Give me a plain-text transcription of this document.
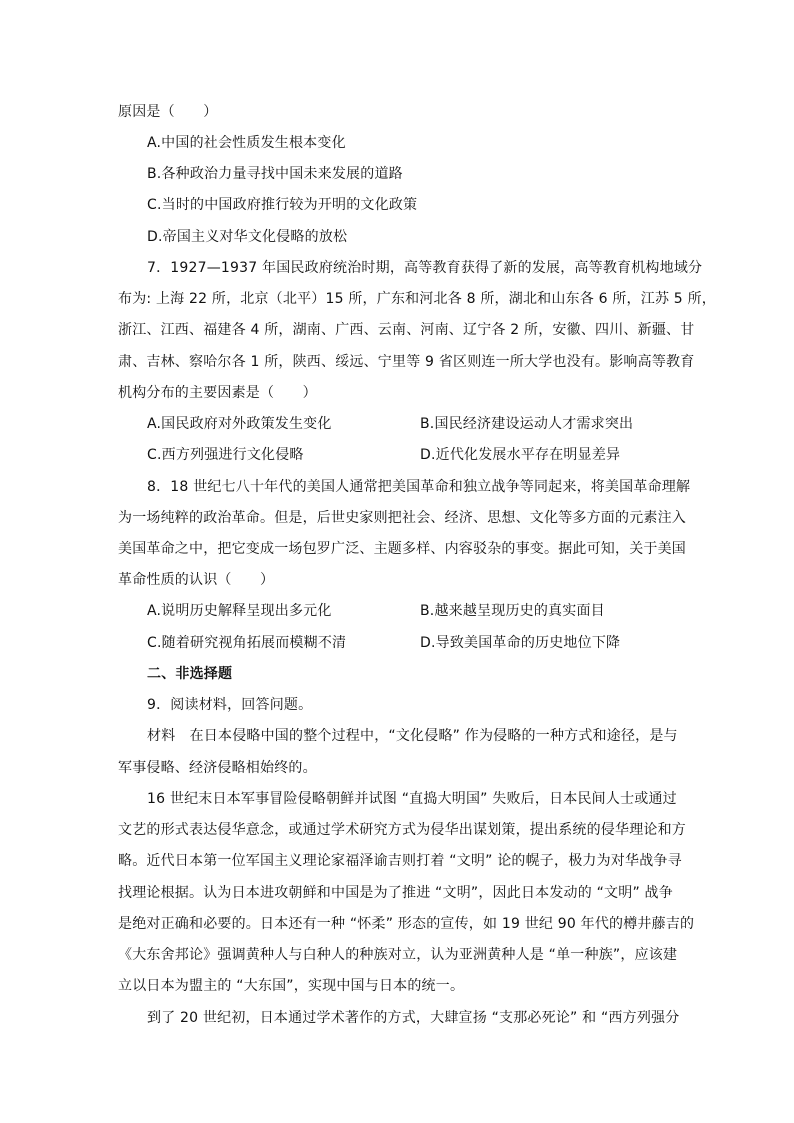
原因是（　　）
A.中国的社会性质发生根本变化
B.各种政治力量寻找中国未来发展的道路
C.当时的中国政府推行较为开明的文化政策
D.帝国主义对华文化侵略的放松
7．1927—1937 年国民政府统治时期，高等教育获得了新的发展，高等教育机构地域分
布为: 上海 22 所，北京（北平）15 所，广东和河北各 8 所，湖北和山东各 6 所，江苏 5 所，
浙江、江西、福建各 4 所，湖南、广西、云南、河南、辽宁各 2 所，安徽、四川、新疆、甘
肃、吉林、察哈尔各 1 所，陕西、绥远、宁里等 9 省区则连一所大学也没有。影响高等教育
机构分布的主要因素是（　　）
A.国民政府对外政策发生变化	B.国民经济建设运动人才需求突出
C.西方列强进行文化侵略	D.近代化发展水平存在明显差异
8．18 世纪七八十年代的美国人通常把美国革命和独立战争等同起来，将美国革命理解
为一场纯粹的政治革命。但是，后世史家则把社会、经济、思想、文化等多方面的元素注入
美国革命之中，把它变成一场包罗广泛、主题多样、内容驳杂的事变。据此可知，关于美国
革命性质的认识（　　）
A.说明历史解释呈现出多元化	B.越来越呈现历史的真实面目
C.随着研究视角拓展而模糊不清	D.导致美国革命的历史地位下降
二、非选择题
9．阅读材料，回答问题。
材料　在日本侵略中国的整个过程中，“文化侵略” 作为侵略的一种方式和途径，是与
军事侵略、经济侵略相始终的。
16 世纪末日本军事冒险侵略朝鲜并试图 “直捣大明国” 失败后，日本民间人士或通过
文艺的形式表达侵华意念，或通过学术研究方式为侵华出谋划策，提出系统的侵华理论和方
略。近代日本第一位军国主义理论家福泽谕吉则打着 “文明” 论的幌子，极力为对华战争寻
找理论根据。认为日本进攻朝鲜和中国是为了推进 “文明”，因此日本发动的 “文明” 战争
是绝对正确和必要的。日本还有一种 “怀柔” 形态的宣传，如 19 世纪 90 年代的樽井藤吉的
《大东舍邦论》强调黄种人与白种人的种族对立，认为亚洲黄种人是 “单一种族”，应该建
立以日本为盟主的 “大东国”，实现中国与日本的统一。
到了 20 世纪初，日本通过学术著作的方式，大肆宣扬 “支那必死论” 和 “西方列强分
